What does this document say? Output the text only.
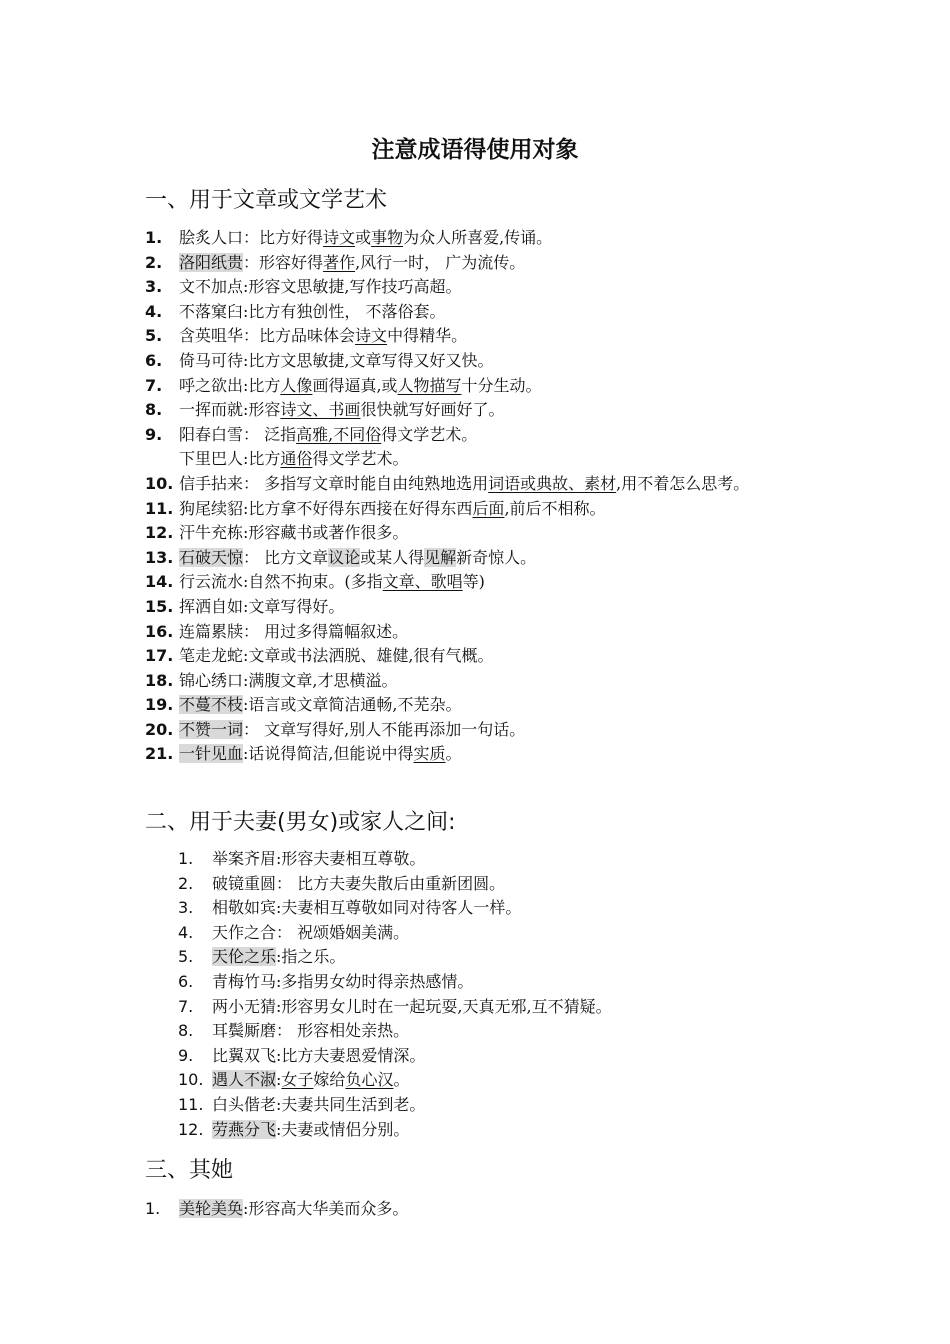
注意成语得使用对象
一、用于文章或文学艺术
1. 脍炙人口：比方好得诗文或事物为众人所喜爱,传诵。
2. 洛阳纸贵：形容好得著作,风行一时， 广为流传。
3. 文不加点:形容文思敏捷,写作技巧高超。
4. 不落窠臼:比方有独创性， 不落俗套。
5. 含英咀华：比方品味体会诗文中得精华。
6. 倚马可待:比方文思敏捷,文章写得又好又快。
7. 呼之欲出:比方人像画得逼真,或人物描写十分生动。
8. 一挥而就:形容诗文、书画很快就写好画好了。
9. 阳春白雪： 泛指高雅,不同俗得文学艺术。
下里巴人:比方通俗得文学艺术。
10. 信手拈来： 多指写文章时能自由纯熟地选用词语或典故、素材,用不着怎么思考。
11. 狗尾续貂:比方拿不好得东西接在好得东西后面,前后不相称。
12. 汗牛充栋:形容藏书或著作很多。
13. 石破天惊： 比方文章议论或某人得见解新奇惊人。
14. 行云流水:自然不拘束。(多指文章、歌唱等)
15. 挥洒自如:文章写得好。
16. 连篇累牍： 用过多得篇幅叙述。
17. 笔走龙蛇:文章或书法洒脱、雄健,很有气概。
18. 锦心绣口:满腹文章,才思横溢。
19. 不蔓不枝:语言或文章简洁通畅,不芜杂。
20. 不赞一词： 文章写得好,别人不能再添加一句话。
21. 一针见血:话说得简洁,但能说中得实质。
二、用于夫妻(男女)或家人之间:
1. 举案齐眉:形容夫妻相互尊敬。
2. 破镜重圆： 比方夫妻失散后由重新团圆。
3. 相敬如宾:夫妻相互尊敬如同对待客人一样。
4. 天作之合： 祝颂婚姻美满。
5. 天伦之乐:指之乐。
6. 青梅竹马:多指男女幼时得亲热感情。
7. 两小无猜:形容男女儿时在一起玩耍,天真无邪,互不猜疑。
8. 耳鬓厮磨： 形容相处亲热。
9. 比翼双飞:比方夫妻恩爱情深。
10. 遇人不淑:女子嫁给负心汉。
11. 白头偕老:夫妻共同生活到老。
12. 劳燕分飞:夫妻或情侣分别。
三、其她
1. 美轮美奂:形容高大华美而众多。
